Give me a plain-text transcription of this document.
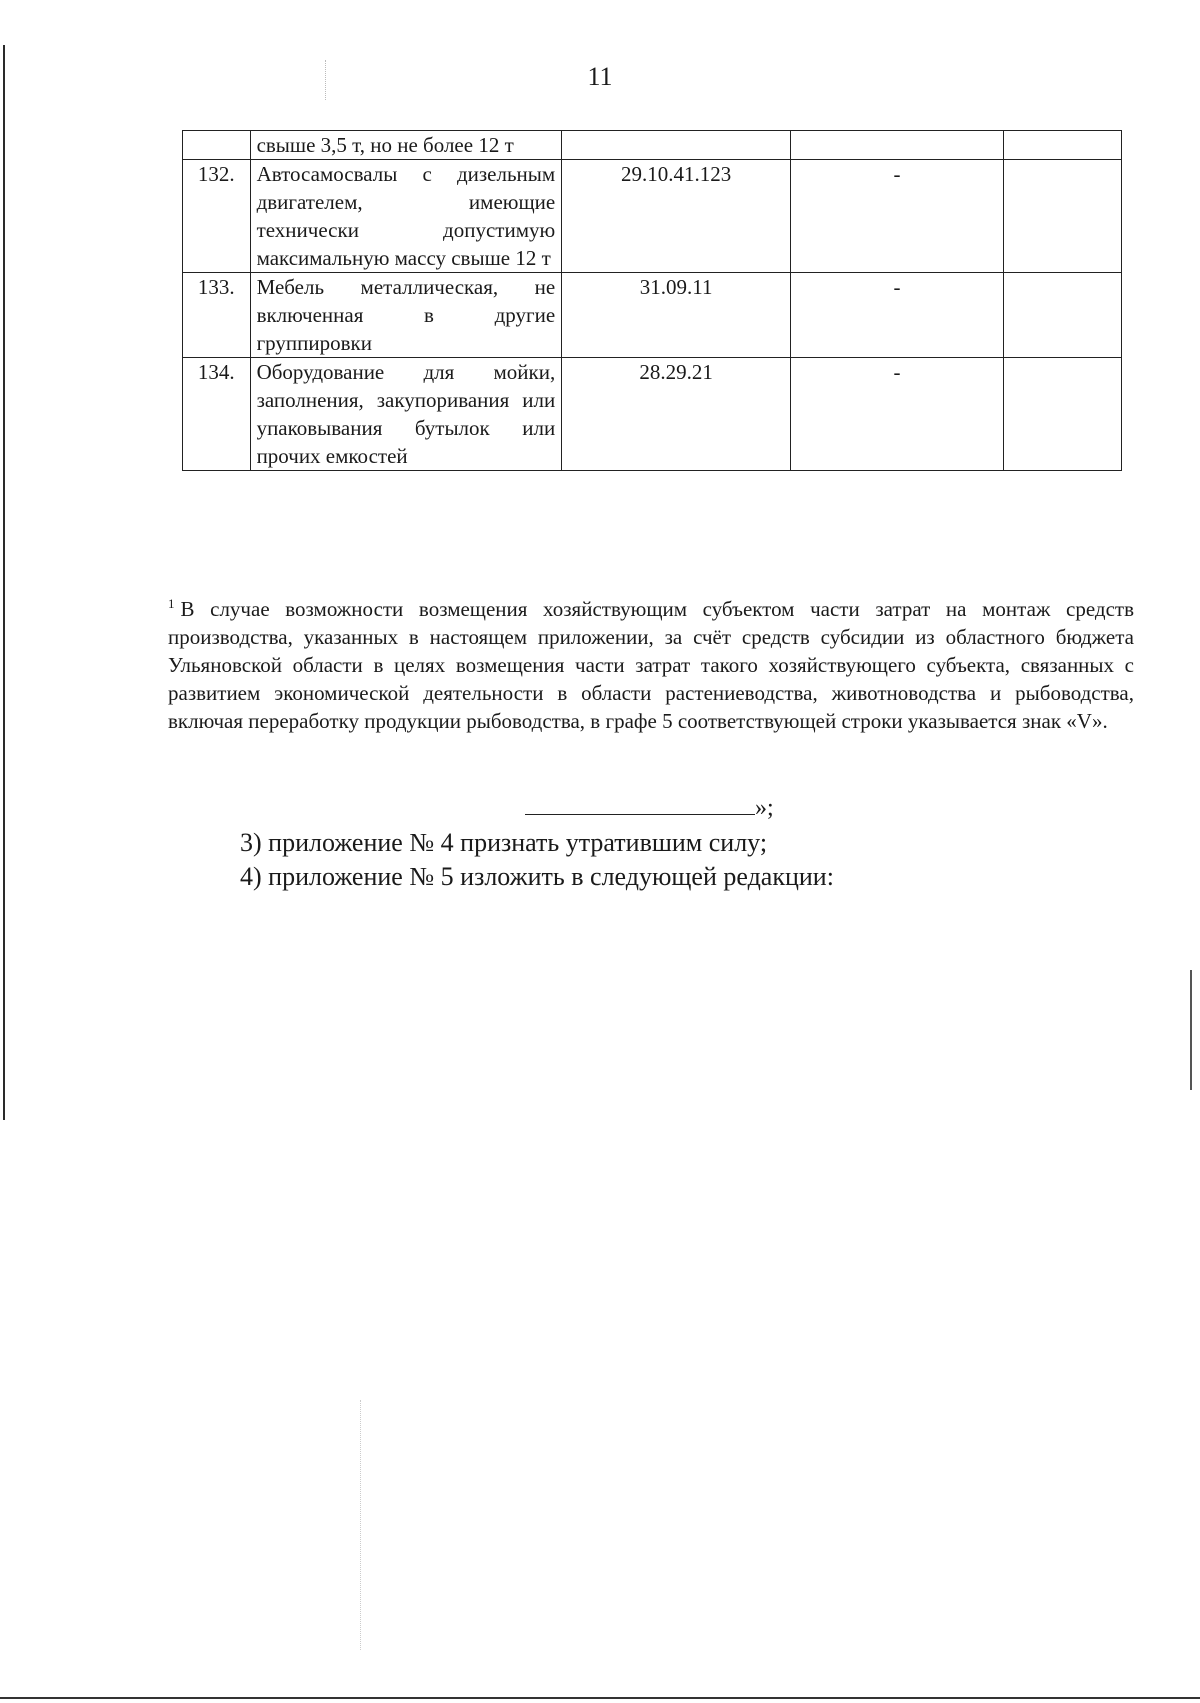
11
	свыше 3,5 т, но не более 12 т			
132.	Автосамосвалы с дизельным двигателем, имеющие технически допустимую максимальную массу свыше 12 т	29.10.41.123	-	
133.	Мебель металлическая, не включенная в другие группировки	31.09.11	-	
134.	Оборудование для мойки, заполнения, закупоривания или упаковывания бутылок или прочих емкостей	28.29.21	-	
$^1$ В случае возможности возмещения хозяйствующим субъектом части затрат на монтаж средств производства, указанных в настоящем приложении, за счёт средств субсидии из областного бюджета Ульяновской области в целях возмещения части затрат такого хозяйствующего субъекта, связанных с развитием экономической деятельности в области растениеводства, животноводства и рыбоводства, включая переработку продукции рыбоводства, в графе 5 соответствующей строки указывается знак «V».
»;
3) приложение № 4 признать утратившим силу;
4) приложение № 5 изложить в следующей редакции:
